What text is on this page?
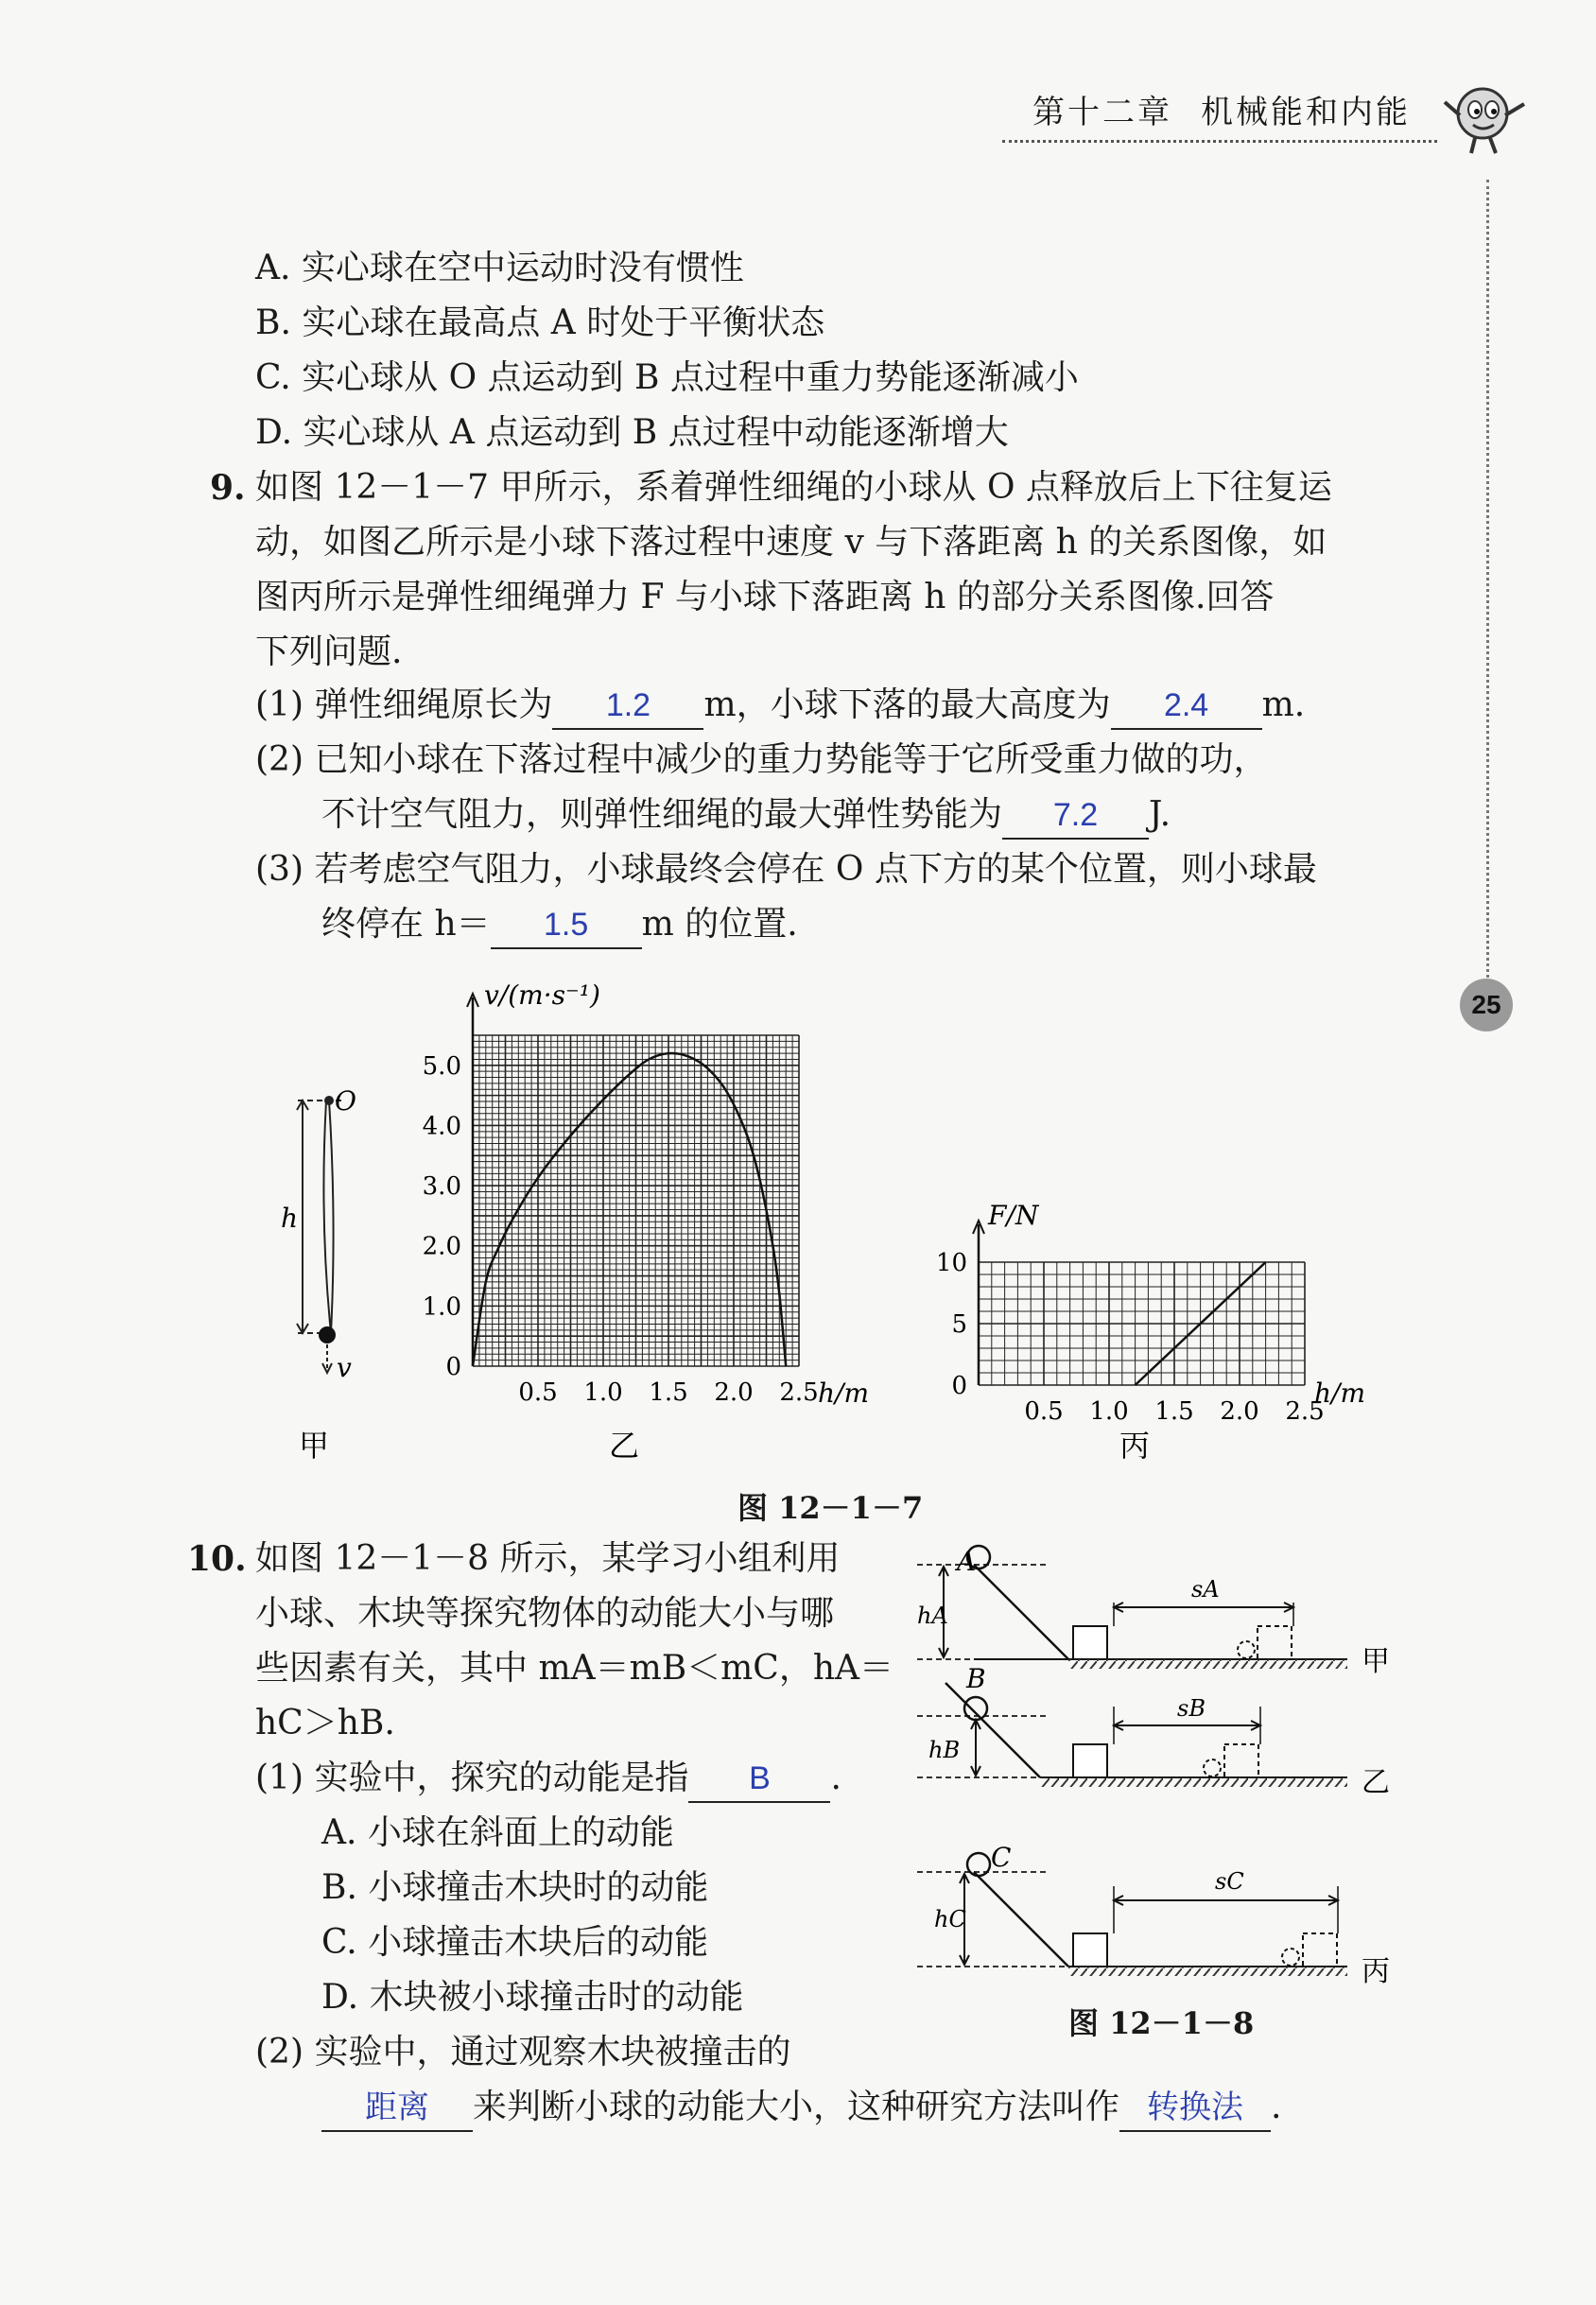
第十二章 机械能和内能
25
A. 实心球在空中运动时没有惯性
B. 实心球在最高点 A 时处于平衡状态
C. 实心球从 O 点运动到 B 点过程中重力势能逐渐减小
D. 实心球从 A 点运动到 B 点过程中动能逐渐增大
9. 如图 12－1－7 甲所示，系着弹性细绳的小球从 O 点释放后上下往复运
动，如图乙所示是小球下落过程中速度 v 与下落距离 h 的关系图像，如
图丙所示是弹性细绳弹力 F 与小球下落距离 h 的部分关系图像.回答
下列问题.
(1) 弹性细绳原长为 1.2 m，小球下落的最大高度为 2.4 m.
(2) 已知小球在下落过程中减少的重力势能等于它所受重力做的功，
不计空气阻力，则弹性细绳的最大弹性势能为 7.2 J.
(3) 若考虑空气阻力，小球最终会停在 O 点下方的某个位置，则小球最
终停在 h＝ 1.5 m 的位置.
O
h
v
甲
0.5 1.0 1.5 2.0 2.5
0
1.0
2.0
3.0
4.0
5.0
v/(m·s⁻¹)
h/m
乙
0.5 1.0 1.5 2.0 2.5
0
5
10
F/N
h/m
丙
图 12－1－7
10. 如图 12－1－8 所示，某学习小组利用
小球、木块等探究物体的动能大小与哪
些因素有关，其中 mA＝mB＜mC，hA＝
hC＞hB.
(1) 实验中，探究的动能是指 B .
A. 小球在斜面上的动能
B. 小球撞击木块时的动能
C. 小球撞击木块后的动能
D. 木块被小球撞击时的动能
(2) 实验中，通过观察木块被撞击的
距离 来判断小球的动能大小，这种研究方法叫作 转换法 .
A
hA
sA
甲
B
hB
sB
乙
C
hC
sC
丙
图 12－1－8
